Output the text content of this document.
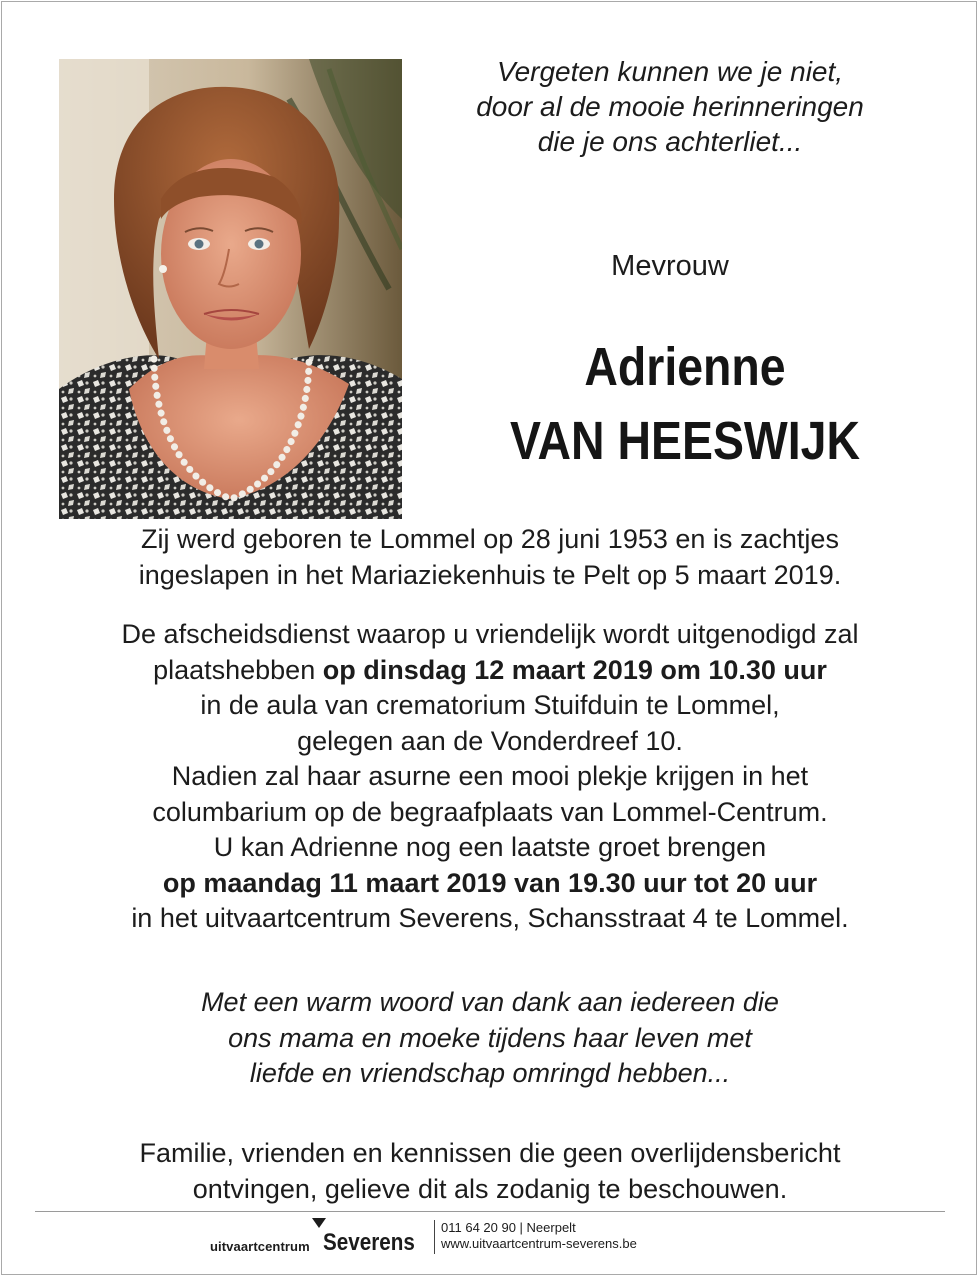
Vergeten kunnen we je niet,
door al de mooie herinneringen
die je ons achterliet...
Mevrouw
Adrienne
VAN HEESWIJK
Zij werd geboren te Lommel op 28 juni 1953 en is zachtjes
ingeslapen in het Mariaziekenhuis te Pelt op 5 maart 2019.
De afscheidsdienst waarop u vriendelijk wordt uitgenodigd zal
plaatshebben op dinsdag 12 maart 2019 om 10.30 uur
in de aula van crematorium Stuifduin te Lommel,
gelegen aan de Vonderdreef 10.
Nadien zal haar asurne een mooi plekje krijgen in het
columbarium op de begraafplaats van Lommel-Centrum.
U kan Adrienne nog een laatste groet brengen
op maandag 11 maart 2019 van 19.30 uur tot 20 uur
in het uitvaartcentrum Severens, Schansstraat 4 te Lommel.
Met een warm woord van dank aan iedereen die
ons mama en moeke tijdens haar leven met
liefde en vriendschap omringd hebben...
Familie, vrienden en kennissen die geen overlijdensbericht
ontvingen, gelieve dit als zodanig te beschouwen.
uitvaartcentrum Severens
011 64 20 90 | Neerpelt
www.uitvaartcentrum-severens.be
